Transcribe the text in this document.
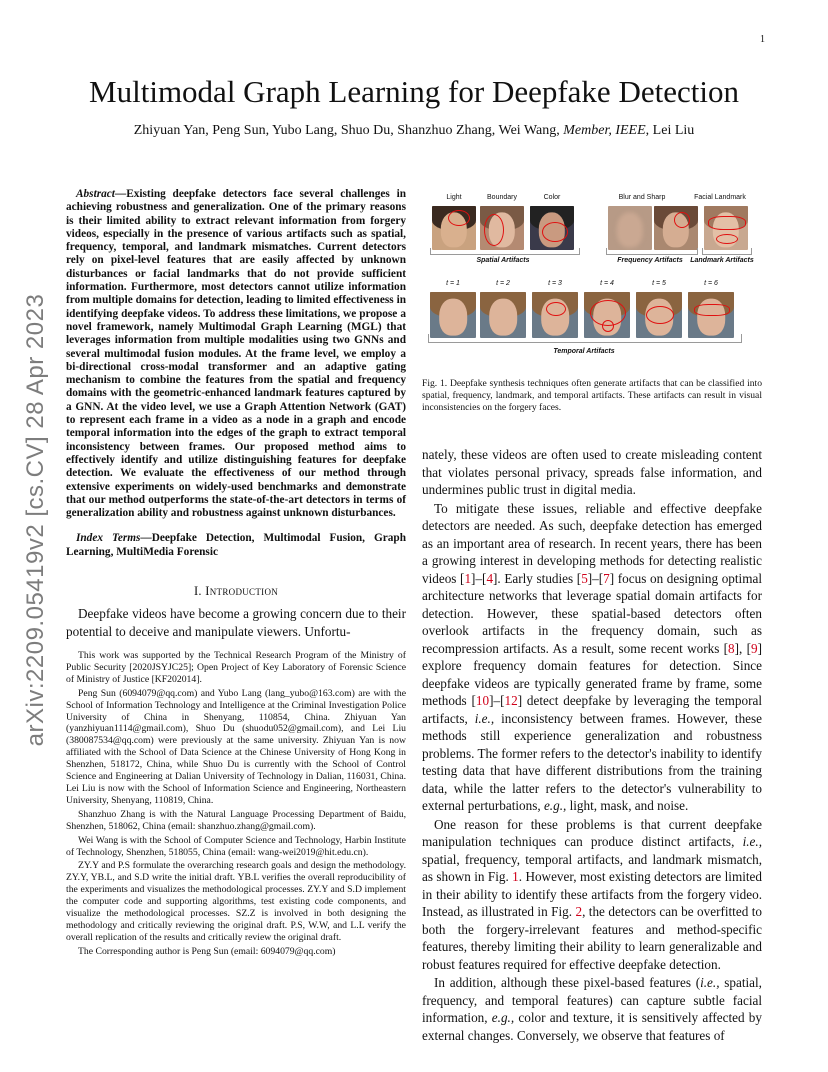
1
arXiv:2209.05419v2 [cs.CV] 28 Apr 2023
Multimodal Graph Learning for Deepfake Detection
Zhiyuan Yan, Peng Sun, Yubo Lang, Shuo Du, Shanzhuo Zhang, Wei Wang, Member, IEEE, Lei Liu

Abstract—Existing deepfake detectors face several challenges in achieving robustness and generalization. One of the primary reasons is their limited ability to extract relevant information from forgery videos, especially in the presence of various artifacts such as spatial, frequency, temporal, and landmark mismatches. Current detectors rely on pixel-level features that are easily affected by unknown disturbances or facial landmarks that do not provide sufficient information. Furthermore, most detectors cannot utilize information from multiple domains for detection, leading to limited effectiveness in identifying deepfake videos. To address these limitations, we propose a novel framework, namely Multimodal Graph Learning (MGL) that leverages information from multiple modalities using two GNNs and several multimodal fusion modules. At the frame level, we employ a bi-directional cross-modal transformer and an adaptive gating mechanism to combine the features from the spatial and frequency domains with the geometric-enhanced landmark features captured by a GNN. At the video level, we use a Graph Attention Network (GAT) to represent each frame in a video as a node in a graph and encode temporal information into the edges of the graph to extract temporal inconsistency between frames. Our proposed method aims to effectively identify and utilize distinguishing features for deepfake detection. We evaluate the effectiveness of our method through extensive experiments on widely-used benchmarks and demonstrate that our method outperforms the state-of-the-art detectors in terms of generalization ability and robustness against unknown disturbances.

Index Terms—Deepfake Detection, Multimodal Fusion, Graph Learning, MultiMedia Forensic

I. Introduction

Deepfake videos have become a growing concern due to their potential to deceive and manipulate viewers. Unfortu-

This work was supported by the Technical Research Program of the Ministry of Public Security [2020JSYJC25]; Open Project of Key Laboratory of Forensic Science of Ministry of Justice [KF202014].

Peng Sun (6094079@qq.com) and Yubo Lang (lang_yubo@163.com) are with the School of Information Technology and Intelligence at the Criminal Investigation Police University of China in Shenyang, 110854, China. Zhiyuan Yan (yanzhiyuan1114@gmail.com), Shuo Du (shuodu052@gmail.com), and Lei Liu (380087534@qq.com) were previously at the same university. Zhiyuan Yan is now affiliated with the School of Data Science at the Chinese University of Hong Kong in Shenzhen, 518172, China, while Shuo Du is currently with the School of Control Science and Engineering at Dalian University of Technology in Dalian, 116031, China. Lei Liu is now with the School of Information Science and Engineering, Northeastern University, Shenyang, 110819, China.

Shanzhuo Zhang is with the Natural Language Processing Department of Baidu, Shenzhen, 518062, China (email: shanzhuo.zhang@gmail.com).

Wei Wang is with the School of Computer Science and Technology, Harbin Institute of Technology, Shenzhen, 518055, China (email: wang-wei2019@hit.edu.cn).

ZY.Y and P.S formulate the overarching research goals and design the methodology. ZY.Y, YB.L, and S.D write the initial draft. YB.L verifies the overall reproducibility of the experiments and visualizes the methodological processes. ZY.Y and S.D implement the computer code and supporting algorithms, test existing code components, and visualize the methodological processes. SZ.Z is involved in both designing the methodology and critically reviewing the original draft. P.S, W.W, and L.L verify the overall replication of the results and critically review the original draft.

The Corresponding author is Peng Sun (email: 6094079@qq.com)

Light	Boundary	Color	Blur and Sharp	Facial Landmark
Spatial Artifacts	Frequency Artifacts	Landmark Artifacts
t = 1	t = 2	t = 3	t = 4	t = 5	t = 6
Temporal Artifacts
Fig. 1. Deepfake synthesis techniques often generate artifacts that can be classified into spatial, frequency, landmark, and temporal artifacts. These artifacts can result in visual inconsistencies on the forgery faces.

nately, these videos are often used to create misleading content that violates personal privacy, spreads false information, and undermines public trust in digital media.

To mitigate these issues, reliable and effective deepfake detectors are needed. As such, deepfake detection has emerged as an important area of research. In recent years, there has been a growing interest in developing methods for detecting realistic videos [1]–[4]. Early studies [5]–[7] focus on designing optimal architecture networks that leverage spatial domain artifacts for detection. However, these spatial-based detectors often overlook artifacts in the frequency domain, such as recompression artifacts. As a result, some recent works [8], [9] explore frequency domain features for detection. Since deepfake videos are typically generated frame by frame, some methods [10]–[12] detect deepfake by leveraging the temporal artifacts, i.e., inconsistency between frames. However, these methods still experience generalization and robustness problems. The former refers to the detector's inability to identify testing data that have different distributions from the training data, while the latter refers to the detector's vulnerability to external perturbations, e.g., light, mask, and noise.

One reason for these problems is that current deepfake manipulation techniques can produce distinct artifacts, i.e., spatial, frequency, temporal artifacts, and landmark mismatch, as shown in Fig. 1. However, most existing detectors are limited in their ability to identify these artifacts from the forgery video. Instead, as illustrated in Fig. 2, the detectors can be overfitted to both the forgery-irrelevant features and method-specific features, thereby limiting their ability to learn generalizable and robust features required for effective deepfake detection.

In addition, although these pixel-based features (i.e., spatial, frequency, and temporal features) can capture subtle facial information, e.g., color and texture, it is sensitively affected by external changes. Conversely, we observe that features of
